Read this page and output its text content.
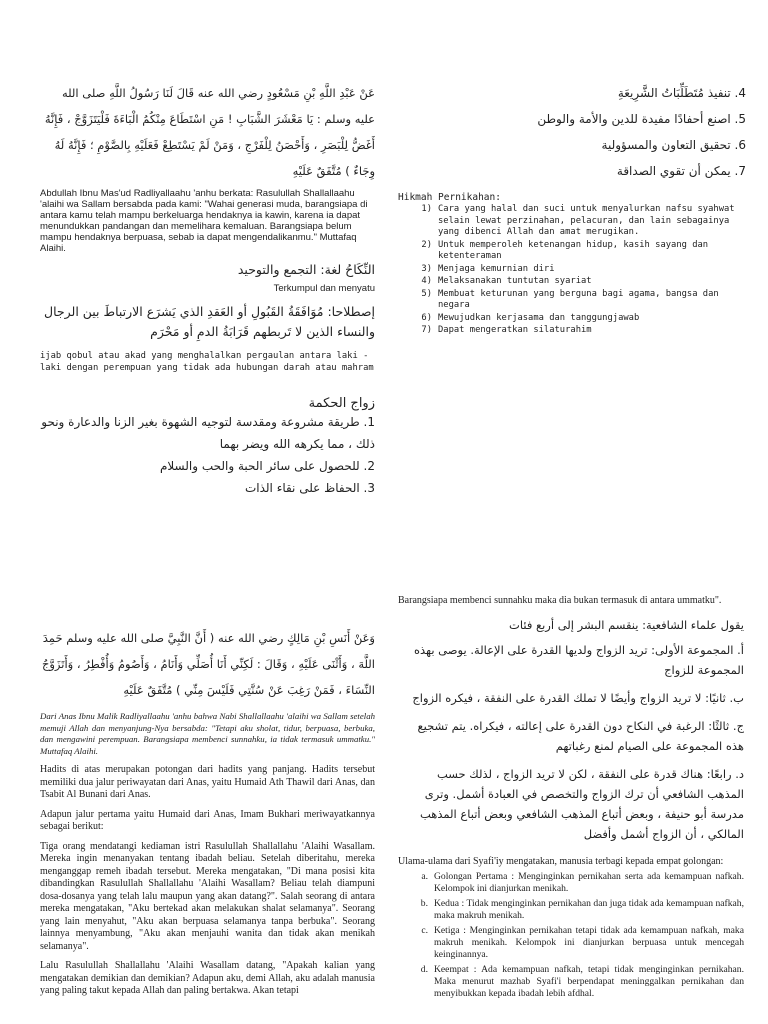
عَنْ عَبْدِ اللَّهِ بْنِ مَسْعُودٍ رضي الله عنه قَالَ لَنَا رَسُولُ اللَّهِ صلى الله عليه وسلم : يَا مَعْشَرَ الشَّبَابِ ! مَنِ اسْتَطَاعَ مِنْكُمُ الْبَاءَةَ فَلْيَتَزَوَّجْ ، فَإِنَّهُ أَغَضُّ لِلْبَصَرِ ، وَأَحْصَنُ لِلْفَرْجِ ، وَمَنْ لَمْ يَسْتَطِعْ فَعَلَيْهِ بِالصَّوْمِ ؛ فَإِنَّهُ لَهُ وِجَاءٌ ) مُتَّفَقٌ عَلَيْهِ

Abdullah Ibnu Mas'ud Radliyallaahu 'anhu berkata: Rasulullah Shallallaahu 'alaihi wa Sallam bersabda pada kami: "Wahai generasi muda, barangsiapa di antara kamu telah mampu berkeluarga hendaknya ia kawin, karena ia dapat menundukkan pandangan dan memelihara kemaluan. Barangsiapa belum mampu hendaknya berpuasa, sebab ia dapat mengendalikanmu." Muttafaq Alaihi.

النِّكَاحُ لغة: التجمع والتوحيد

Terkumpul dan menyatu

إصطلاحا: مُوَافَقَةُ القَبُولِ أو العَقدِ الذي يَشرَع الارتباطَ بين الرجال والنساء الذين لا تَربطهم قَرَابَةُ الدمِ أو مَحْرَم

ijab qobul atau akad yang menghalalkan pergaulan antara laki - laki dengan perempuan yang tidak ada hubungan darah atau mahram

زواج الحكمة

1. طريقة مشروعة ومقدسة لتوجيه الشهوة بغير الزنا والدعارة ونحو ذلك ، مما يكرهه الله ويضر بهما

2. للحصول على سائر الحبة والحب والسلام

3. الحفاظ على نقاء الذات

4. تنفيذ مُتَطَلِّبَاتُ الشَّرِيعَةِ

5. اصنع أحفادًا مفيدة للدين والأمة والوطن

6. تحقيق التعاون والمسؤولية

7. يمكن أن تقوي الصداقة

Hikmah Pernikahan:

1) Cara yang halal dan suci untuk menyalurkan nafsu syahwat selain lewat perzinahan, pelacuran, dan lain sebagainya yang dibenci Allah dan amat merugikan.
2) Untuk memperoleh ketenangan hidup, kasih sayang dan ketenteraman
3) Menjaga kemurnian diri
4) Melaksanakan tuntutan syariat
5) Membuat keturunan yang berguna bagi agama, bangsa dan negara
6) Mewujudkan kerjasama dan tanggungjawab
7) Dapat mengeratkan silaturahim

وَعَنْ أَنَسِ بْنِ مَالِكٍ رضي الله عنه ( أَنَّ النَّبِيَّ صلى الله عليه وسلم حَمِدَ اللَّهَ ، وَأَثْنَى عَلَيْهِ ، وَقَالَ : لَكِنِّي أَنَا أُصَلِّي وَأَنَامُ ، وَأَصُومُ وَأُفْطِرُ ، وَأَتَزَوَّجُ النِّسَاءَ ، فَمَنْ رَغِبَ عَنْ سُنَّتِي فَلَيْسَ مِنِّي ) مُتَّفَقٌ عَلَيْهِ

Dari Anas Ibnu Malik Radliyallaahu 'anhu bahwa Nabi Shallallaahu 'alaihi wa Sallam setelah memuji Allah dan menyanjung-Nya bersabda: "Tetapi aku sholat, tidur, berpuasa, berbuka, dan mengawini perempuan. Barangsiapa membenci sunnahku, ia tidak termasuk ummatku." Muttafaq Alaihi.

Hadits di atas merupakan potongan dari hadits yang panjang. Hadits tersebut memiliki dua jalur periwayatan dari Anas, yaitu Humaid Ath Thawil dari Anas, dan Tsabit Al Bunani dari Anas.

Adapun jalur pertama yaitu Humaid dari Anas, Imam Bukhari meriwayatkannya sebagai berikut:

Tiga orang mendatangi kediaman istri Rasulullah Shallallahu 'Alaihi Wasallam. Mereka ingin menanyakan tentang ibadah beliau. Setelah diberitahu, mereka menganggap remeh ibadah tersebut. Mereka mengatakan, "Di mana posisi kita dibandingkan Rasulullah Shallallahu 'Alaihi Wasallam? Beliau telah diampuni dosa-dosanya yang telah lalu maupun yang akan datang?". Salah seorang di antara mereka mengatakan, "Aku bertekad akan melakukan shalat selamanya". Seorang yang lain menyahut, "Aku akan berpuasa selamanya tanpa berbuka". Seorang lainnya menyambung, "Aku akan menjauhi wanita dan tidak akan menikah selamanya".

Lalu Rasulullah Shallallahu 'Alaihi Wasallam datang, "Apakah kalian yang mengatakan demikian dan demikian? Adapun aku, demi Allah, aku adalah manusia yang paling takut kepada Allah dan paling bertakwa. Akan tetapi

Barangsiapa membenci sunnahku maka dia bukan termasuk di antara ummatku".

يقول علماء الشافعية: ينقسم البشر إلى أربع فئات

أ. المجموعة الأولى: تريد الزواج ولديها القدرة على الإعالة. يوصى بهذه المجموعة للزواج

ب. ثانيًا: لا تريد الزواج وأيضًا لا تملك القدرة على النفقة ، فيكره الزواج

ج. ثالثًا: الرغبة في النكاح دون القدرة على إعالته ، فيكراه. يتم تشجيع هذه المجموعة على الصيام لمنع رغباتهم

د. رابعًا: هناك قدرة على النفقة ، لكن لا تريد الزواج ، لذلك حسب المذهب الشافعي أن ترك الزواج والتخصص في العبادة أشمل. وترى مدرسة أبو حنيفة ، وبعض أتباع المذهب الشافعي وبعض أتباع المذهب المالكي ، أن الزواج أشمل وأفضل

Ulama-ulama dari Syafi'iy mengatakan, manusia terbagi kepada empat golongan:

a. Golongan Pertama : Menginginkan pernikahan serta ada kemampuan nafkah. Kelompok ini dianjurkan menikah.
b. Kedua : Tidak menginginkan pernikahan dan juga tidak ada kemampuan nafkah, maka makruh menikah.
c. Ketiga : Menginginkan pernikahan tetapi tidak ada kemampuan nafkah, maka makruh menikah. Kelompok ini dianjurkan berpuasa untuk mencegah keinginannya.
d. Keempat : Ada kemampuan nafkah, tetapi tidak menginginkan pernikahan. Maka menurut mazhab Syafi'i berpendapat meninggalkan pernikahan dan menyibukkan kepada ibadah lebih afdhal.
